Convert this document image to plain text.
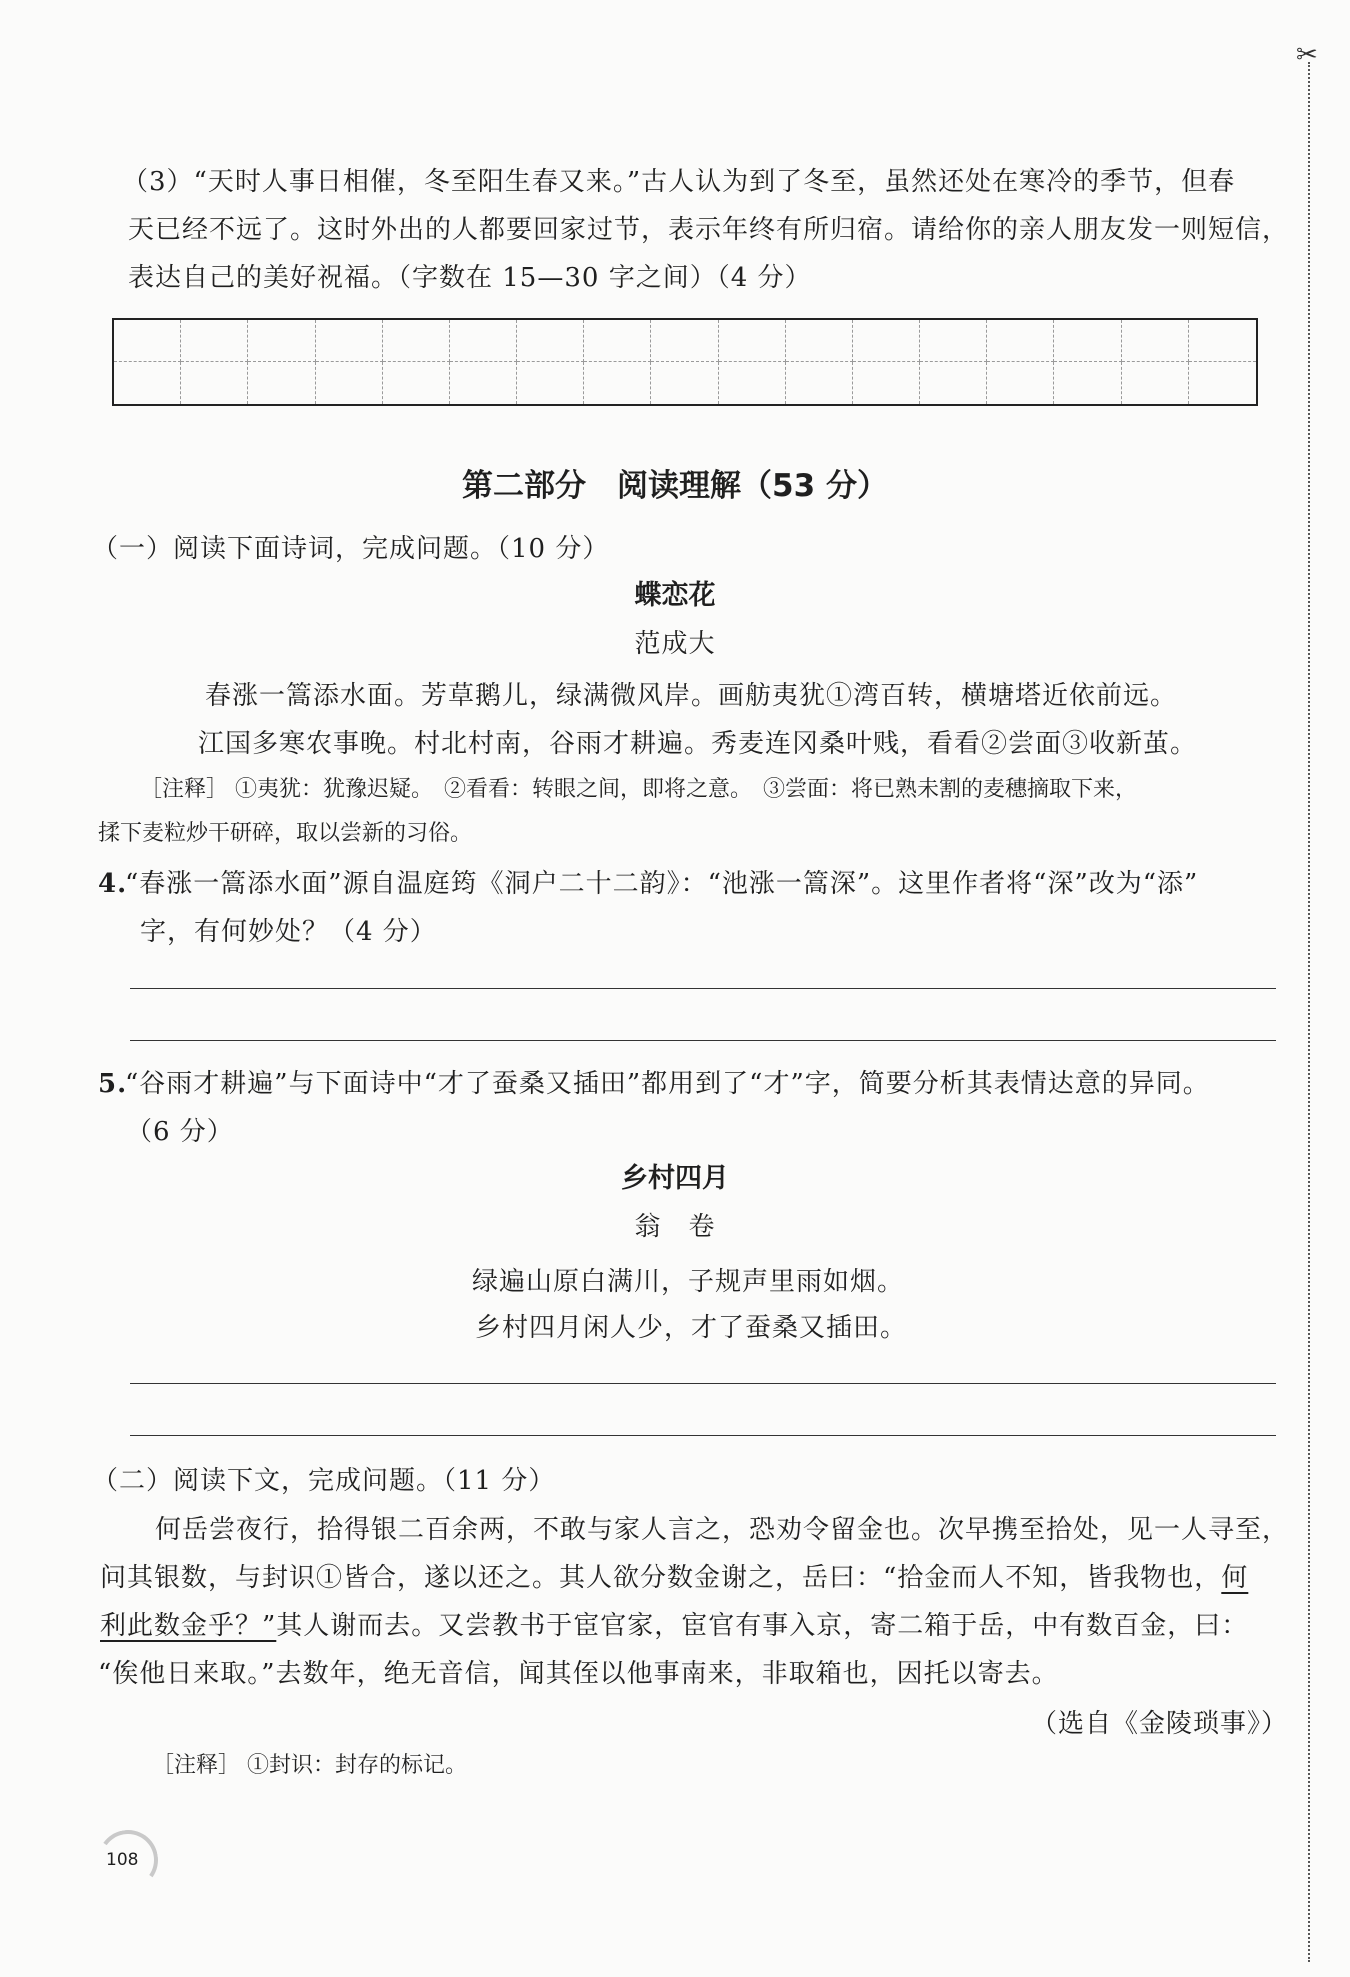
✂
（3）“天时人事日相催，冬至阳生春又来。”古人认为到了冬至，虽然还处在寒冷的季节，但春
天已经不远了。这时外出的人都要回家过节，表示年终有所归宿。请给你的亲人朋友发一则短信，
表达自己的美好祝福。（字数在 15—30 字之间）（4 分）
第二部分　阅读理解（53 分）
（一）阅读下面诗词，完成问题。（10 分）
蝶恋花
范成大
春涨一篙添水面。芳草鹅儿，绿满微风岸。画舫夷犹①湾百转，横塘塔近依前远。
江国多寒农事晚。村北村南，谷雨才耕遍。秀麦连冈桑叶贱，看看②尝面③收新茧。
［注释］ ①夷犹：犹豫迟疑。　②看看：转眼之间，即将之意。　③尝面：将已熟未割的麦穗摘取下来，
揉下麦粒炒干研碎，取以尝新的习俗。
4.
“春涨一篙添水面”源自温庭筠《洞户二十二韵》：“池涨一篙深”。这里作者将“深”改为“添”
字，有何妙处？（4 分）
5.
“谷雨才耕遍”与下面诗中“才了蚕桑又插田”都用到了“才”字，简要分析其表情达意的异同。
（6 分）
乡村四月
翁　卷
绿遍山原白满川，子规声里雨如烟。
乡村四月闲人少，才了蚕桑又插田。
（二）阅读下文，完成问题。（11 分）
何岳尝夜行，拾得银二百余两，不敢与家人言之，恐劝令留金也。次早携至拾处，见一人寻至，
问其银数，与封识①皆合，遂以还之。其人欲分数金谢之，岳曰：“拾金而人不知，皆我物也，何
利此数金乎？”其人谢而去。又尝教书于宦官家，宦官有事入京，寄二箱于岳，中有数百金，曰：
“俟他日来取。”去数年，绝无音信，闻其侄以他事南来，非取箱也，因托以寄去。
（选自《金陵琐事》）
［注释］ ①封识：封存的标记。
108
